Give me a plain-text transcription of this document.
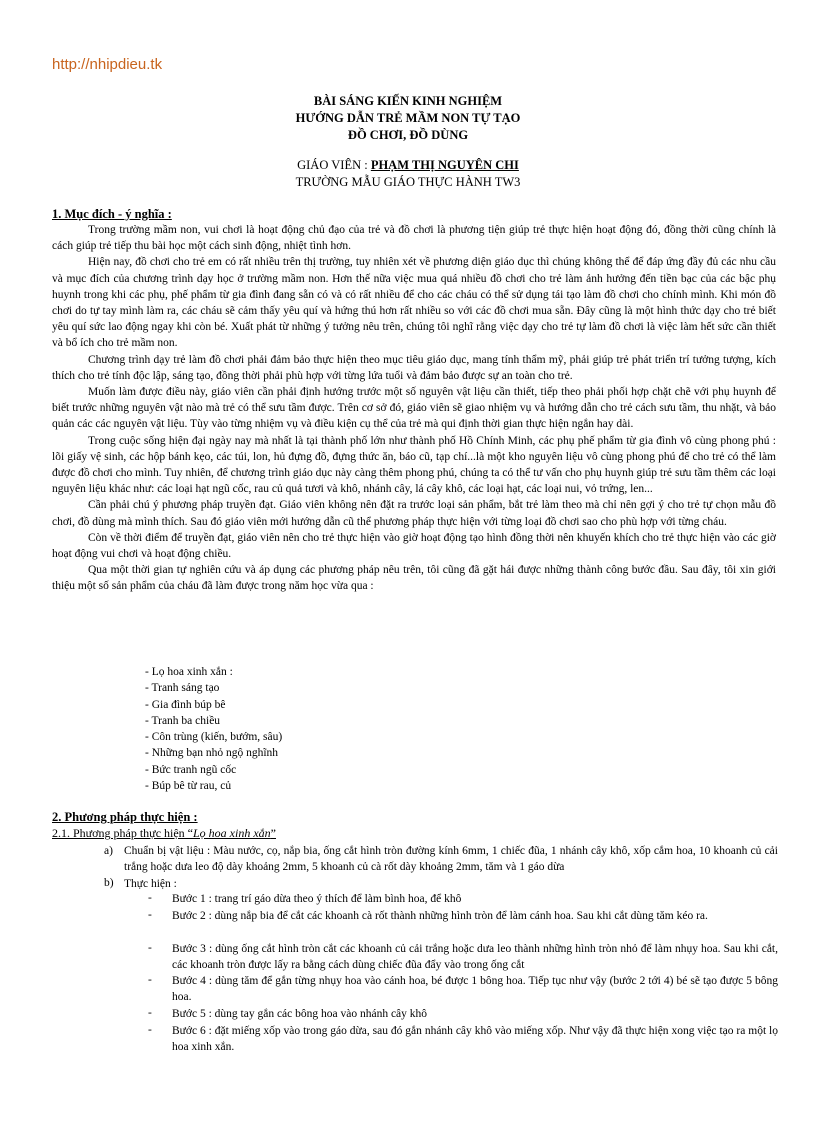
http://nhipdieu.tk
BÀI SÁNG KIẾN KINH NGHIỆM
HƯỚNG DẪN TRẺ MẦM NON TỰ TẠO
ĐỒ CHƠI, ĐỒ DÙNG
GIÁO VIÊN : PHẠM THỊ NGUYÊN CHI
TRƯỜNG MẪU GIÁO THỰC HÀNH TW3
1. Mục đích - ý nghĩa :

Trong trường mầm non, vui chơi là hoạt động chủ đạo của trẻ và đồ chơi là phương tiện giúp trẻ thực hiện hoạt động đó, đồng thời cũng chính là cách giúp trẻ tiếp thu bài học một cách sinh động, nhiệt tình hơn.

Hiện nay, đồ chơi cho trẻ em có rất nhiều trên thị trường, tuy nhiên xét về phương diện giáo dục thì chúng không thể để đáp ứng đầy đủ các nhu cầu và mục đích của chương trình dạy học ở trường mầm non. Hơn thế nữa việc mua quá nhiều đồ chơi cho trẻ làm ảnh hưởng đến tiền bạc của các bậc phụ huynh trong khi các phụ, phế phẩm từ gia đình đang sẵn có và có rất nhiều để cho các cháu có thể sử dụng tái tạo làm đồ chơi cho chính mình. Khi món đồ chơi do tự tay mình làm ra, các cháu sẽ cảm thấy yêu quí và hứng thú hơn rất nhiều so với các đồ chơi mua sẵn. Đây cũng là một hình thức dạy cho trẻ biết yêu quí sức lao động ngay khi còn bé. Xuất phát từ những ý tưởng nêu trên, chúng tôi nghĩ rằng việc dạy cho trẻ tự làm đồ chơi là việc làm hết sức cần thiết và bổ ích cho trẻ mầm non.

Chương trình dạy trẻ làm đồ chơi phải đảm bảo thực hiện theo mục tiêu giáo dục, mang tính thẩm mỹ, phải giúp trẻ phát triển trí tưởng tượng, kích thích cho trẻ tính độc lập, sáng tạo, đồng thời phải phù hợp với từng lứa tuổi và đảm bảo được sự an toàn cho trẻ.

Muốn làm được điều này, giáo viên cần phải định hướng trước một số nguyên vật liệu cần thiết, tiếp theo phải phối hợp chặt chẽ với phụ huynh để biết trước những nguyên vật nào mà trẻ có thể sưu tầm được. Trên cơ sở đó, giáo viên sẽ giao nhiệm vụ và hướng dẫn cho trẻ cách sưu tầm, thu nhặt, và bảo quản các các nguyên vật liệu. Tùy vào từng nhiệm vụ và điều kiện cụ thể của trẻ mà qui định thời gian thực hiện ngắn hay dài.

Trong cuộc sống hiện đại ngày nay mà nhất là tại thành phố lớn như thành phố Hồ Chính Minh, các phụ phế phẩm từ gia đình vô cùng phong phú : lõi giấy vệ sinh, các hộp bánh kẹo, các túi, lon, hủ đựng đồ, đựng thức ăn, báo cũ, tạp chí...là một kho nguyên liệu vô cùng phong phú để cho trẻ có thể làm được đồ chơi cho mình. Tuy nhiên, để chương trình giáo dục này càng thêm phong phú, chúng ta có thể tư vấn cho phụ huynh giúp trẻ sưu tầm thêm các loại nguyên liệu khác như: các loại hạt ngũ cốc, rau củ quả tươi và khô, nhánh cây, lá cây khô, các loại hạt, các loại nui, vỏ trứng, len...

Cần phải chú ý phương pháp truyền đạt. Giáo viên không nên đặt ra trước loại sản phẩm, bắt trẻ làm theo mà chỉ nên gợi ý cho trẻ tự chọn mẫu đồ chơi, đồ dùng mà mình thích. Sau đó giáo viên mới hướng dẫn cũ thể phương pháp thực hiện với từng loại đồ chơi sao cho phù hợp với từng cháu.

Còn về thời điểm để truyền đạt, giáo viên nên cho trẻ thực hiện vào giờ hoạt động tạo hình đồng thời nên khuyến khích cho trẻ thực hiện vào các giờ hoạt động vui chơi và hoạt động chiều.

Qua một thời gian tự nghiên cứu và áp dụng các phương pháp nêu trên, tôi cũng đã gặt hái được những thành công bước đầu. Sau đây, tôi xin giới thiệu một số sản phẩm của cháu đã làm được trong năm học vừa qua :

- Lọ hoa xinh xắn :
- Tranh sáng tạo
- Gia đình búp bê
- Tranh ba chiều
- Côn trùng (kiến, bướm, sâu)
- Những bạn nhỏ ngộ nghĩnh
- Bức tranh ngũ cốc
- Búp bê từ rau, củ
2. Phương pháp thực hiện :
2.1. Phương pháp thực hiện “Lọ hoa xinh xắn”
a) Chuẩn bị vật liệu : Màu nước, cọ, nắp bia, ống cắt hình tròn đường kính 6mm, 1 chiếc đũa, 1 nhánh cây khô, xốp cắm hoa, 10 khoanh củ cải trắng hoặc dưa leo độ dày khoảng 2mm, 5 khoanh củ cà rốt dày khoảng 2mm, tăm và 1 gáo dừa
b) Thực hiện :
- Bước 1 : trang trí gáo dừa theo ý thích để làm bình hoa, để khô
- Bước 2 : dùng nắp bia để cắt các khoanh cà rốt thành những hình tròn để làm cánh hoa. Sau khi cắt dùng tăm kéo ra.
- Bước 3 : dùng ống cắt hình tròn cắt các khoanh củ cải trắng hoặc dưa leo thành những hình tròn nhỏ để làm nhụy hoa. Sau khi cắt, các khoanh tròn được lấy ra bằng cách dùng chiếc đũa đẩy vào trong ống cắt
- Bước 4 : dùng tăm để gắn từng nhụy hoa vào cánh hoa, bé được 1 bông hoa. Tiếp tục như vậy (bước 2 tới 4) bé sẽ tạo được 5 bông hoa.
- Bước 5 : dùng tay gắn các bông hoa vào nhánh cây khô
- Bước 6 : đặt miếng xốp vào trong gáo dừa, sau đó gắn nhánh cây khô vào miếng xốp. Như vậy đã thực hiện xong việc tạo ra một lọ hoa xinh xắn.
